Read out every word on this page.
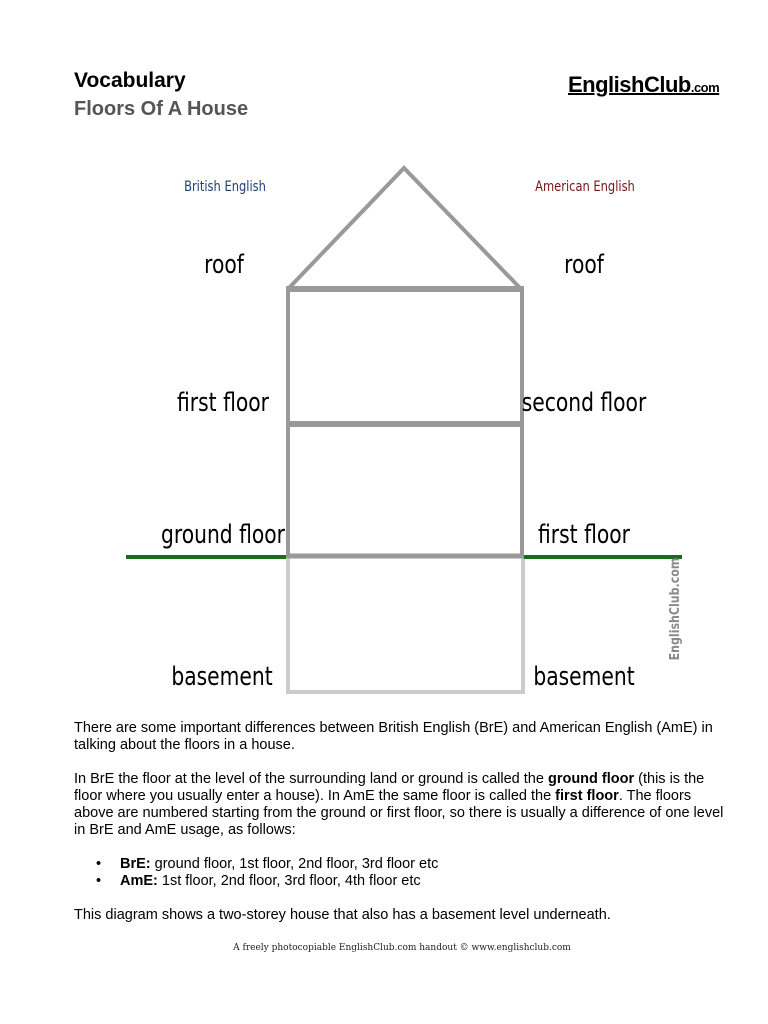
Vocabulary
Floors Of A House
EnglishClub.com
British English	American English
roof
first floor
ground floor
basement
roof
second floor
first floor
basement
EnglishClub.com

There are some important differences between British English (BrE) and American English (AmE) in talking about the floors in a house.

In BrE the floor at the level of the surrounding land or ground is called the ground floor (this is the floor where you usually enter a house). In AmE the same floor is called the first floor. The floors above are numbered starting from the ground or first floor, so there is usually a difference of one level in BrE and AmE usage, as follows:

• BrE: ground floor, 1st floor, 2nd floor, 3rd floor etc
• AmE: 1st floor, 2nd floor, 3rd floor, 4th floor etc

This diagram shows a two-storey house that also has a basement level underneath.

A freely photocopiable EnglishClub.com handout © www.englishclub.com
